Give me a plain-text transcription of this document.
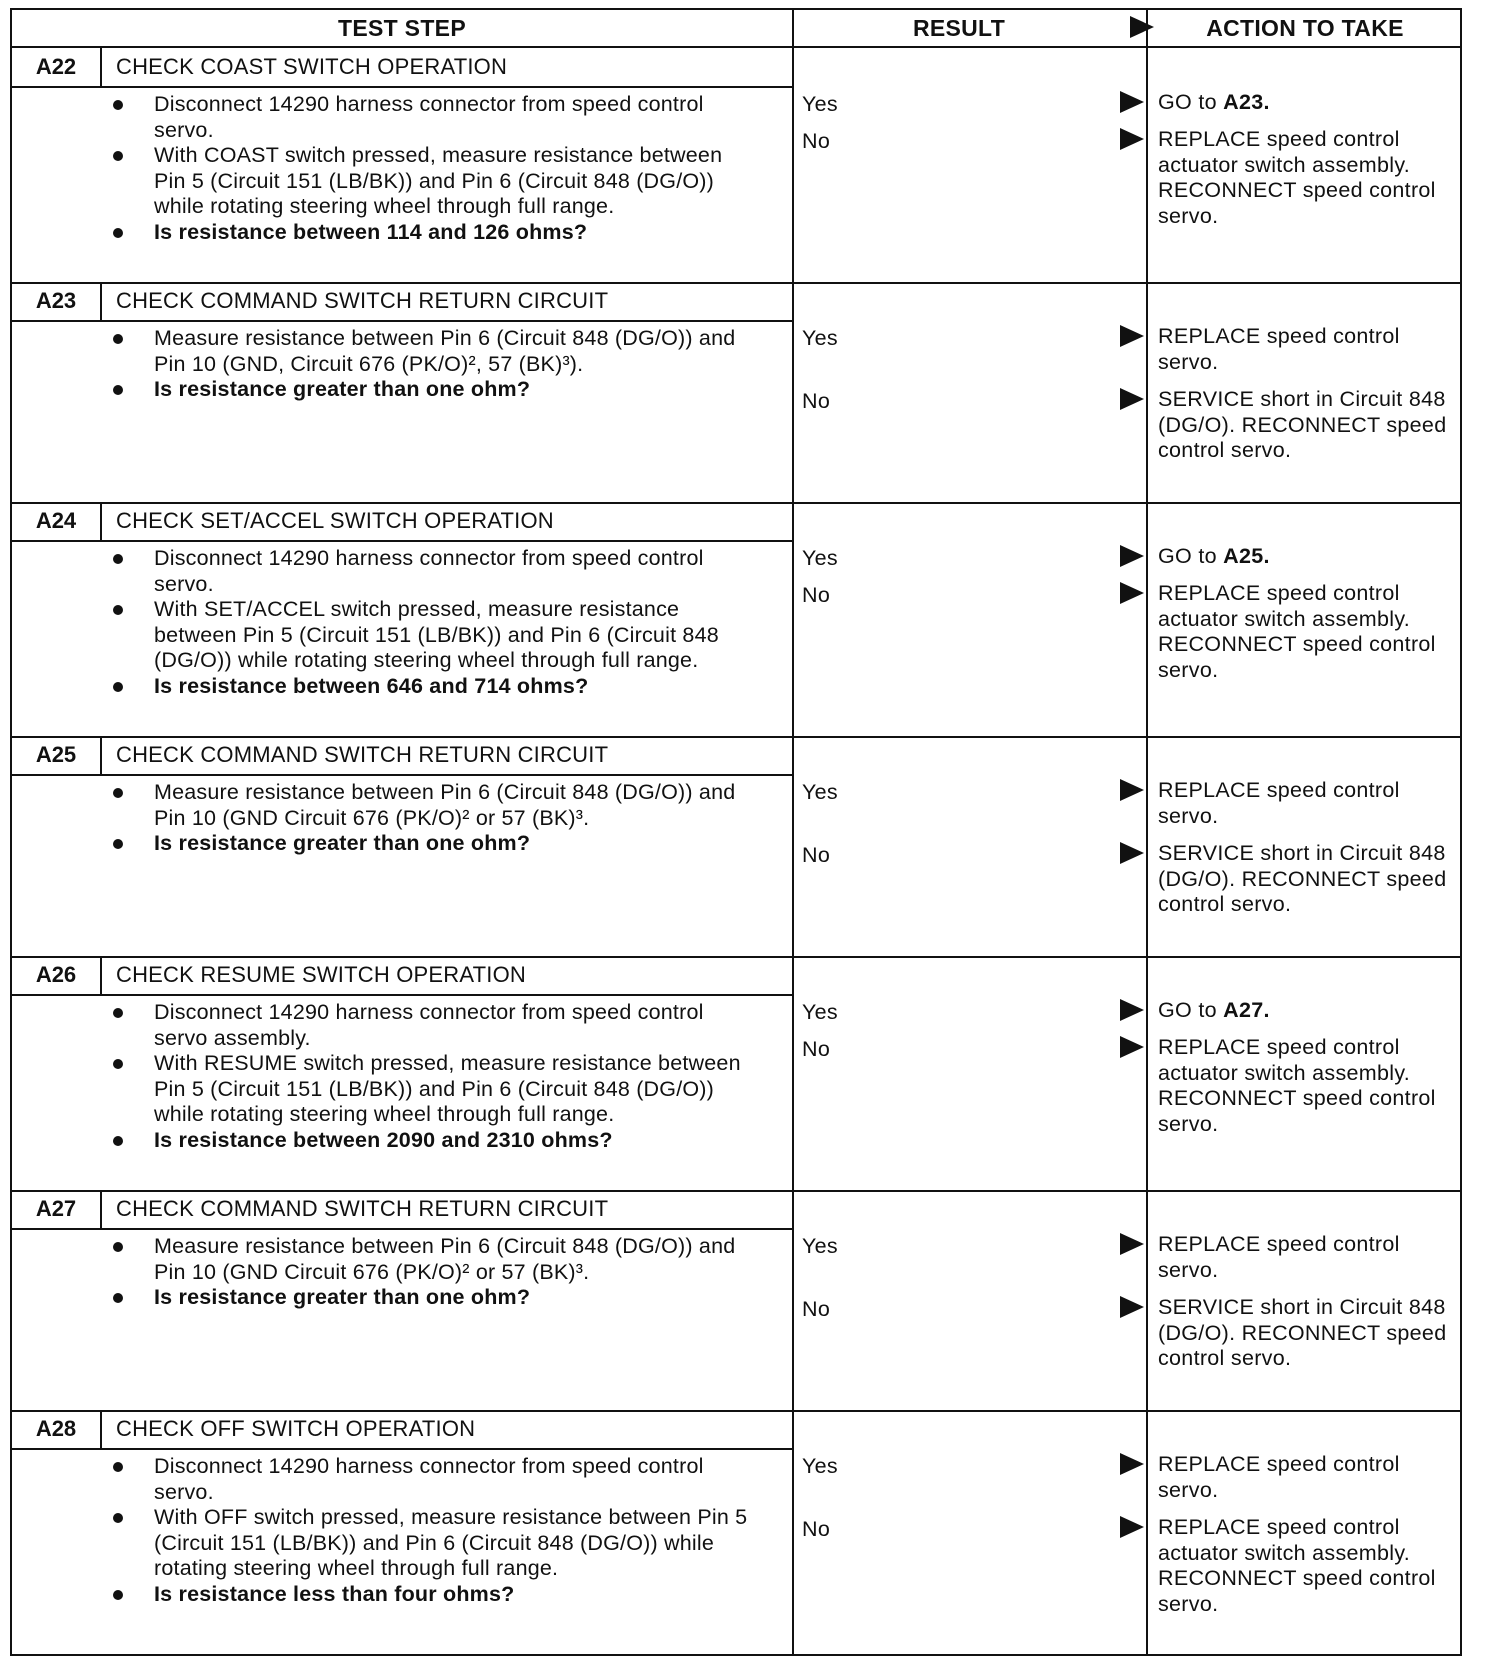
TEST STEP	RESULT	ACTION TO TAKE
A22	CHECK COAST SWITCH OPERATION
Disconnect 14290 harness connector from speed control servo.
With COAST switch pressed, measure resistance between Pin 5 (Circuit 151 (LB/BK)) and Pin 6 (Circuit 848 (DG/O)) while rotating steering wheel through full range.
Is resistance between 114 and 126 ohms?
Yes	GO to A23.
No	REPLACE speed control actuator switch assembly. RECONNECT speed control servo.
A23	CHECK COMMAND SWITCH RETURN CIRCUIT
Measure resistance between Pin 6 (Circuit 848 (DG/O)) and Pin 10 (GND, Circuit 676 (PK/O)², 57 (BK)³).
Is resistance greater than one ohm?
Yes	REPLACE speed control servo.
No	SERVICE short in Circuit 848 (DG/O). RECONNECT speed control servo.
A24	CHECK SET/ACCEL SWITCH OPERATION
Disconnect 14290 harness connector from speed control servo.
With SET/ACCEL switch pressed, measure resistance between Pin 5 (Circuit 151 (LB/BK)) and Pin 6 (Circuit 848 (DG/O)) while rotating steering wheel through full range.
Is resistance between 646 and 714 ohms?
Yes	GO to A25.
No	REPLACE speed control actuator switch assembly. RECONNECT speed control servo.
A25	CHECK COMMAND SWITCH RETURN CIRCUIT
Measure resistance between Pin 6 (Circuit 848 (DG/O)) and Pin 10 (GND Circuit 676 (PK/O)² or 57 (BK)³.
Is resistance greater than one ohm?
Yes	REPLACE speed control servo.
No	SERVICE short in Circuit 848 (DG/O). RECONNECT speed control servo.
A26	CHECK RESUME SWITCH OPERATION
Disconnect 14290 harness connector from speed control servo assembly.
With RESUME switch pressed, measure resistance between Pin 5 (Circuit 151 (LB/BK)) and Pin 6 (Circuit 848 (DG/O)) while rotating steering wheel through full range.
Is resistance between 2090 and 2310 ohms?
Yes	GO to A27.
No	REPLACE speed control actuator switch assembly. RECONNECT speed control servo.
A27	CHECK COMMAND SWITCH RETURN CIRCUIT
Measure resistance between Pin 6 (Circuit 848 (DG/O)) and Pin 10 (GND Circuit 676 (PK/O)² or 57 (BK)³.
Is resistance greater than one ohm?
Yes	REPLACE speed control servo.
No	SERVICE short in Circuit 848 (DG/O). RECONNECT speed control servo.
A28	CHECK OFF SWITCH OPERATION
Disconnect 14290 harness connector from speed control servo.
With OFF switch pressed, measure resistance between Pin 5 (Circuit 151 (LB/BK)) and Pin 6 (Circuit 848 (DG/O)) while rotating steering wheel through full range.
Is resistance less than four ohms?
Yes	REPLACE speed control servo.
No	REPLACE speed control actuator switch assembly. RECONNECT speed control servo.
